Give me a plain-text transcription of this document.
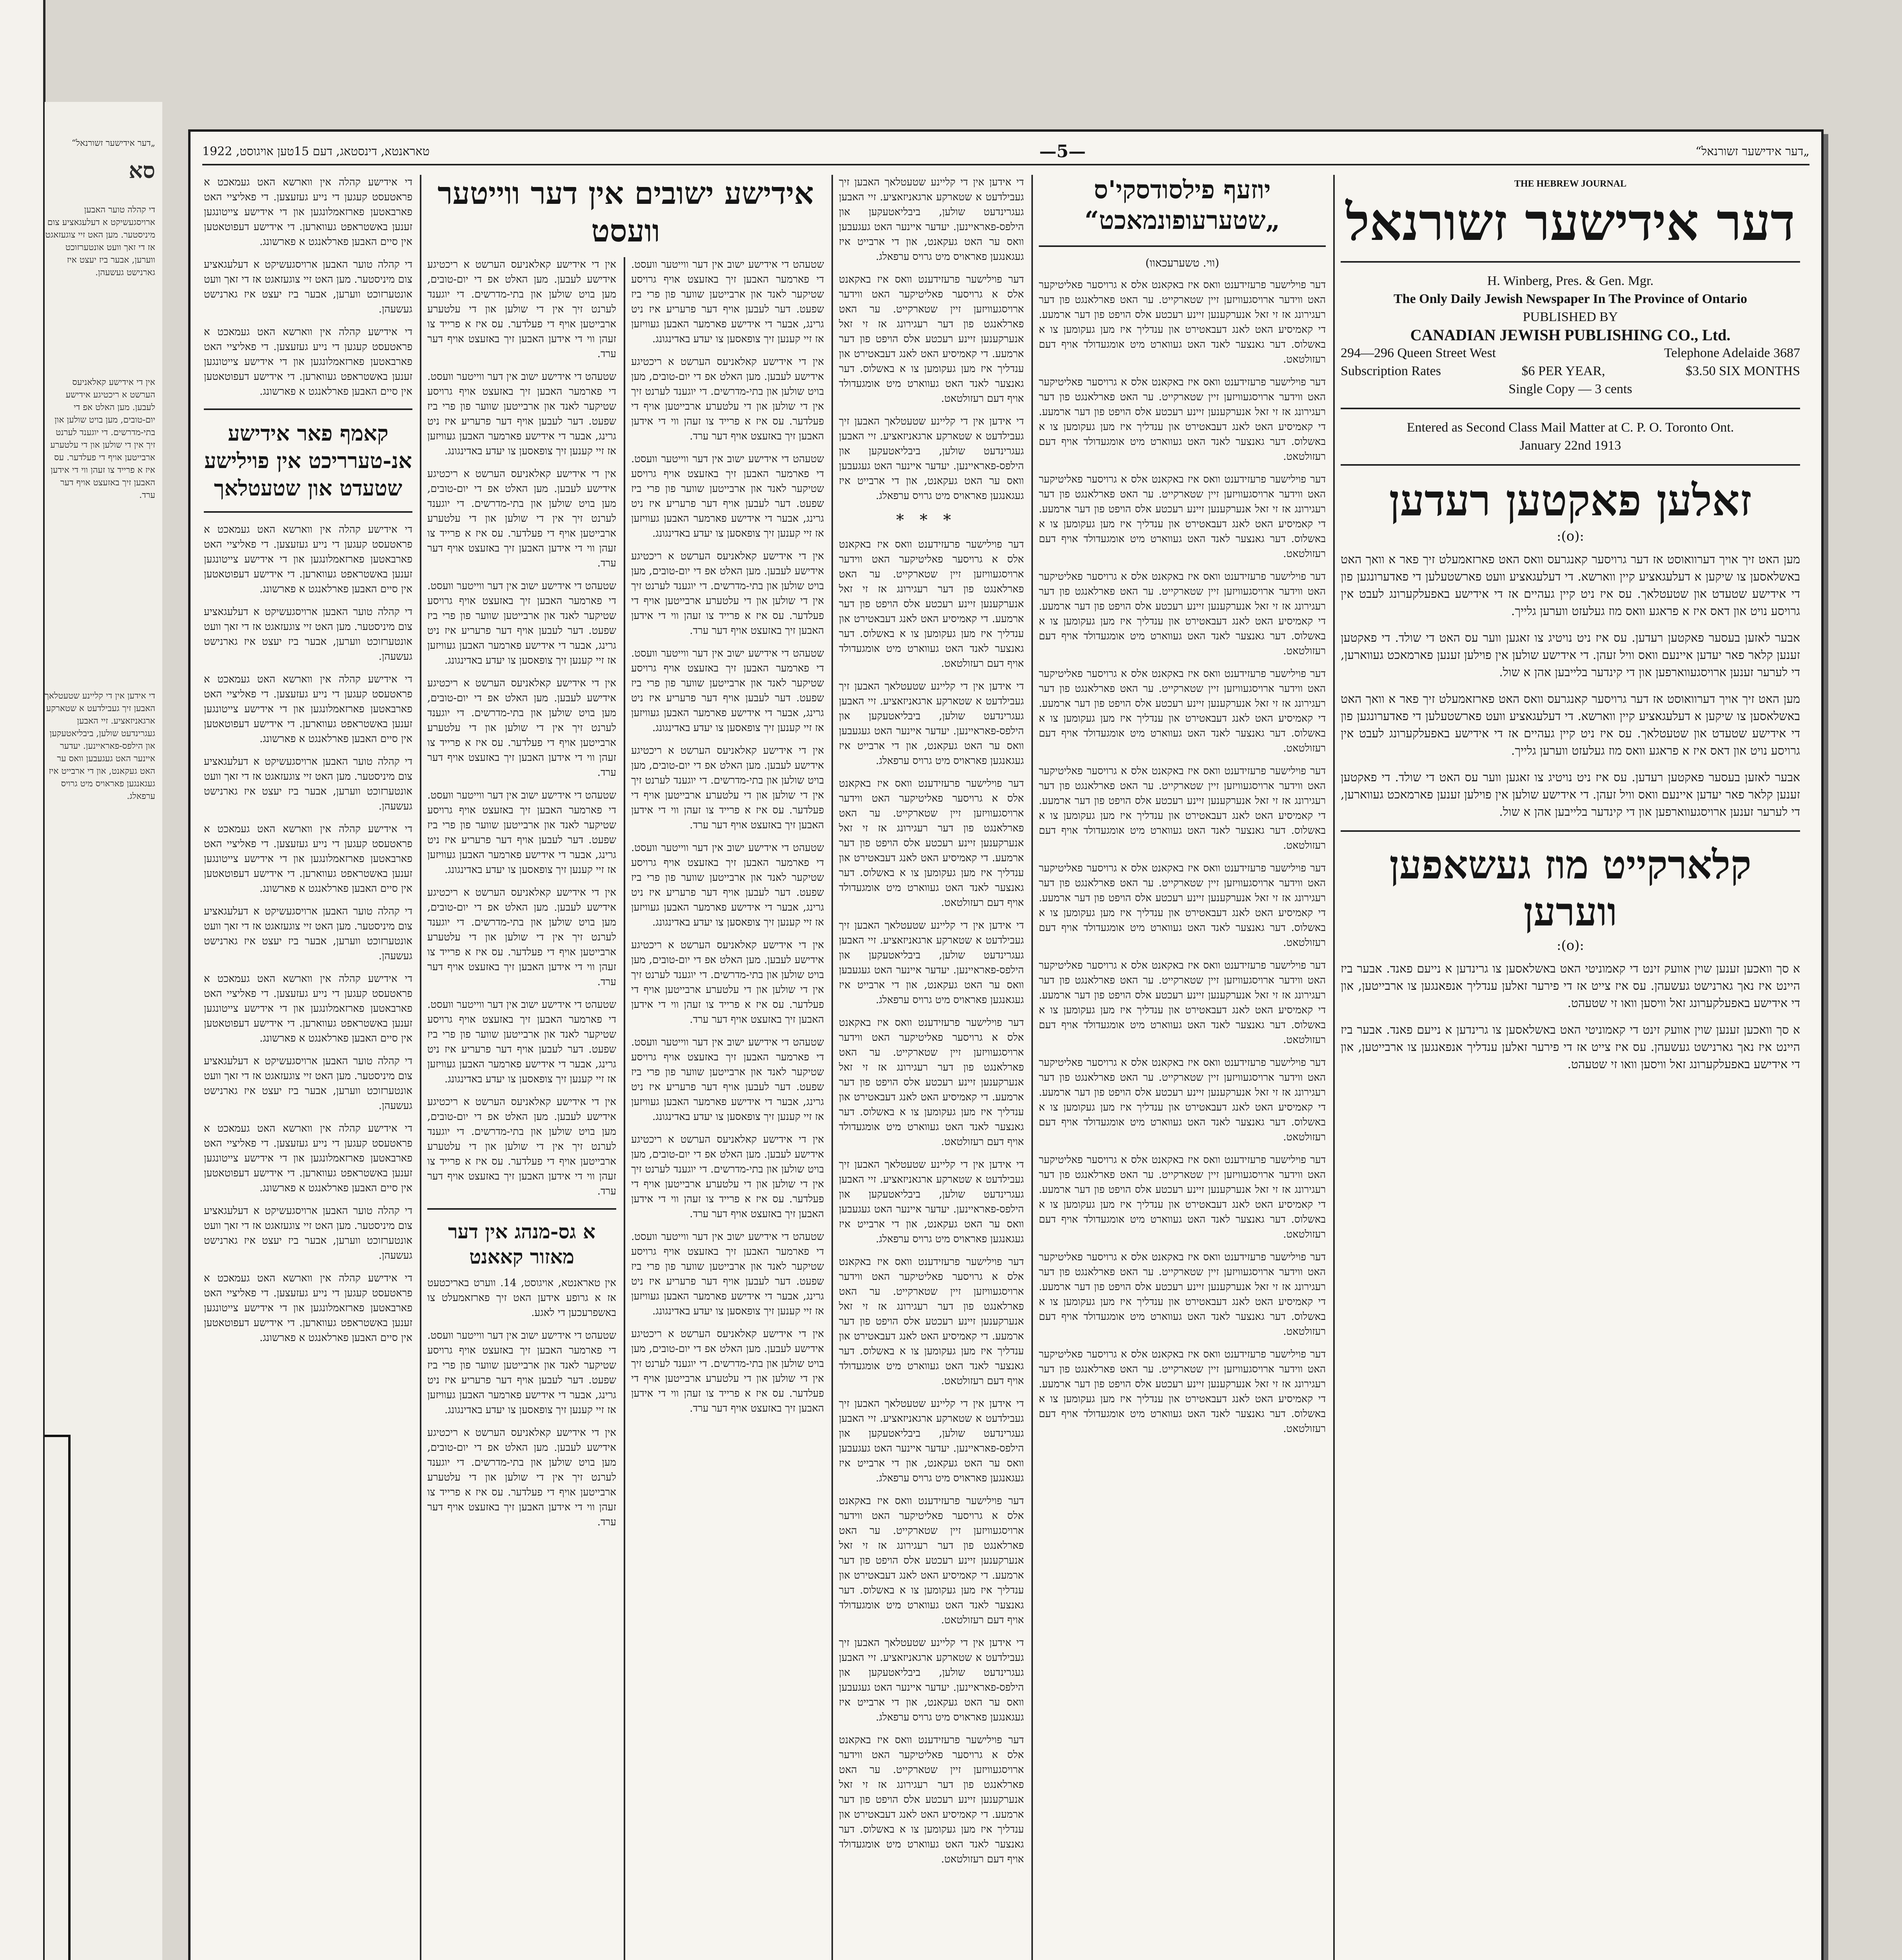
„דער אידישער זשורנאל“
סא
די קהלה טוער האבען ארויסגעשיקט א דעלעגאציע צום מיניסטער. מען האט זיי צוגעזאגט אז די זאך וועט אונטערזוכט ווערען, אבער ביז יעצט איז גארנישט געשעהן.
אין די אידישע קאלאניעס הערשט א ריכטיגע אידישע לעבען. מען האלט אפ די יום-טובים, מען בויט שולען און בתי-מדרשים. די יוגענד לערנט זיך אין די שולען און די עלטערע ארבייטען אויף די פעלדער. עס איז א פרייד צו זעהן ווי די אידען האבען זיך באזעצט אויף דער ערד.
די אידען אין די קליינע שטעטלאך האבען זיך געבילדעט א שטארקע ארגאניזאציע. זיי האבען געגרינדעט שולען, ביבליאטעקען און הילפס-פאראיינען. יעדער איינער האט געגעבען וואס ער האט געקאנט, און די ארבייט איז געגאנגען פאראויס מיט גרויס ערפאלג.
טאראנטא, דינסטאג, דעם 15טען אויגוסט, 1922	—5—	„דער אידישער זשורנאל“
THE HEBREW JOURNAL
דער אידישער זשורנאל
H. Winberg, Pres. & Gen. Mgr.
The Only Daily Jewish Newspaper In The Province of Ontario
PUBLISHED BY
CANADIAN JEWISH PUBLISHING CO., Ltd.
294—296 Queen Street West	Telephone Adelaide 3687
Subscription Rates	$6 PER YEAR,	$3.50 SIX MONTHS
Single Copy — 3 cents
Entered as Second Class Mail Matter at C. P. O. Toronto Ont.
January 22nd 1913
זאלען פאקטען רעדען
:(o):
מען האט זיך אויך דערוואוסט אז דער גרויסער קאנגרעס וואס האט פארזאמעלט זיך פאר א וואך האט באשלאסען צו שיקען א דעלעגאציע קיין ווארשא. די דעלעגאציע וועט פארשטעלען די פאדערונגען פון די אידישע שטעדט און שטעטלאך. עס איז ניט קיין געהיים אז די אידישע באפעלקערונג לעבט אין גרויסע נויט און דאס איז א פראגע וואס מוז געלעזט ווערען גלייך.
אבער לאזען בעסער פאקטען רעדען. עס איז ניט נויטיג צו זאגען ווער עס האט די שולד. די פאקטען זענען קלאר פאר יעדען איינעם וואס וויל זעהן. די אידישע שולען אין פוילען זענען פארמאכט געווארען, די לערער זענען ארויסגעווארפען און די קינדער בלייבען אהן א שול.
מען האט זיך אויך דערוואוסט אז דער גרויסער קאנגרעס וואס האט פארזאמעלט זיך פאר א וואך האט באשלאסען צו שיקען א דעלעגאציע קיין ווארשא. די דעלעגאציע וועט פארשטעלען די פאדערונגען פון די אידישע שטעדט און שטעטלאך. עס איז ניט קיין געהיים אז די אידישע באפעלקערונג לעבט אין גרויסע נויט און דאס איז א פראגע וואס מוז געלעזט ווערען גלייך.
אבער לאזען בעסער פאקטען רעדען. עס איז ניט נויטיג צו זאגען ווער עס האט די שולד. די פאקטען זענען קלאר פאר יעדען איינעם וואס וויל זעהן. די אידישע שולען אין פוילען זענען פארמאכט געווארען, די לערער זענען ארויסגעווארפען און די קינדער בלייבען אהן א שול.
קלארקייט מוז געשאפען ווערען
:(o):
א סך וואכען זענען שוין אוועק זינט די קאמוניטי האט באשלאסען צו גרינדען א נייעם פאנד. אבער ביז היינט איז נאך גארנישט געשעהן. עס איז צייט אז די פירער זאלען ענדליך אנפאנגען צו ארבייטען, און די אידישע באפעלקערונג זאל וויסען וואו זי שטעהט.
א סך וואכען זענען שוין אוועק זינט די קאמוניטי האט באשלאסען צו גרינדען א נייעם פאנד. אבער ביז היינט איז נאך גארנישט געשעהן. עס איז צייט אז די פירער זאלען ענדליך אנפאנגען צו ארבייטען, און די אידישע באפעלקערונג זאל וויסען וואו זי שטעהט.
יוזעף פילסודסקי'ס „שטערעופונמאכט“
(ווי. טשערעכאוו)
דער פוילישער פרעזידענט וואס איז באקאנט אלס א גרויסער פאליטיקער האט ווידער ארויסגעוויזען זיין שטארקייט. ער האט פארלאנגט פון דער רעגירונג אז זי זאל אנערקענען זיינע רעכטע אלס הויפט פון דער ארמעע. די קאמיסיע האט לאנג דעבאטירט און ענדליך איז מען געקומען צו א באשלוס. דער גאנצער לאנד האט געווארט מיט אומגעדולד אויף דעם רעזולטאט.
דער פוילישער פרעזידענט וואס איז באקאנט אלס א גרויסער פאליטיקער האט ווידער ארויסגעוויזען זיין שטארקייט. ער האט פארלאנגט פון דער רעגירונג אז זי זאל אנערקענען זיינע רעכטע אלס הויפט פון דער ארמעע. די קאמיסיע האט לאנג דעבאטירט און ענדליך איז מען געקומען צו א באשלוס. דער גאנצער לאנד האט געווארט מיט אומגעדולד אויף דעם רעזולטאט.
דער פוילישער פרעזידענט וואס איז באקאנט אלס א גרויסער פאליטיקער האט ווידער ארויסגעוויזען זיין שטארקייט. ער האט פארלאנגט פון דער רעגירונג אז זי זאל אנערקענען זיינע רעכטע אלס הויפט פון דער ארמעע. די קאמיסיע האט לאנג דעבאטירט און ענדליך איז מען געקומען צו א באשלוס. דער גאנצער לאנד האט געווארט מיט אומגעדולד אויף דעם רעזולטאט.
דער פוילישער פרעזידענט וואס איז באקאנט אלס א גרויסער פאליטיקער האט ווידער ארויסגעוויזען זיין שטארקייט. ער האט פארלאנגט פון דער רעגירונג אז זי זאל אנערקענען זיינע רעכטע אלס הויפט פון דער ארמעע. די קאמיסיע האט לאנג דעבאטירט און ענדליך איז מען געקומען צו א באשלוס. דער גאנצער לאנד האט געווארט מיט אומגעדולד אויף דעם רעזולטאט.
דער פוילישער פרעזידענט וואס איז באקאנט אלס א גרויסער פאליטיקער האט ווידער ארויסגעוויזען זיין שטארקייט. ער האט פארלאנגט פון דער רעגירונג אז זי זאל אנערקענען זיינע רעכטע אלס הויפט פון דער ארמעע. די קאמיסיע האט לאנג דעבאטירט און ענדליך איז מען געקומען צו א באשלוס. דער גאנצער לאנד האט געווארט מיט אומגעדולד אויף דעם רעזולטאט.
דער פוילישער פרעזידענט וואס איז באקאנט אלס א גרויסער פאליטיקער האט ווידער ארויסגעוויזען זיין שטארקייט. ער האט פארלאנגט פון דער רעגירונג אז זי זאל אנערקענען זיינע רעכטע אלס הויפט פון דער ארמעע. די קאמיסיע האט לאנג דעבאטירט און ענדליך איז מען געקומען צו א באשלוס. דער גאנצער לאנד האט געווארט מיט אומגעדולד אויף דעם רעזולטאט.
דער פוילישער פרעזידענט וואס איז באקאנט אלס א גרויסער פאליטיקער האט ווידער ארויסגעוויזען זיין שטארקייט. ער האט פארלאנגט פון דער רעגירונג אז זי זאל אנערקענען זיינע רעכטע אלס הויפט פון דער ארמעע. די קאמיסיע האט לאנג דעבאטירט און ענדליך איז מען געקומען צו א באשלוס. דער גאנצער לאנד האט געווארט מיט אומגעדולד אויף דעם רעזולטאט.
דער פוילישער פרעזידענט וואס איז באקאנט אלס א גרויסער פאליטיקער האט ווידער ארויסגעוויזען זיין שטארקייט. ער האט פארלאנגט פון דער רעגירונג אז זי זאל אנערקענען זיינע רעכטע אלס הויפט פון דער ארמעע. די קאמיסיע האט לאנג דעבאטירט און ענדליך איז מען געקומען צו א באשלוס. דער גאנצער לאנד האט געווארט מיט אומגעדולד אויף דעם רעזולטאט.
דער פוילישער פרעזידענט וואס איז באקאנט אלס א גרויסער פאליטיקער האט ווידער ארויסגעוויזען זיין שטארקייט. ער האט פארלאנגט פון דער רעגירונג אז זי זאל אנערקענען זיינע רעכטע אלס הויפט פון דער ארמעע. די קאמיסיע האט לאנג דעבאטירט און ענדליך איז מען געקומען צו א באשלוס. דער גאנצער לאנד האט געווארט מיט אומגעדולד אויף דעם רעזולטאט.
דער פוילישער פרעזידענט וואס איז באקאנט אלס א גרויסער פאליטיקער האט ווידער ארויסגעוויזען זיין שטארקייט. ער האט פארלאנגט פון דער רעגירונג אז זי זאל אנערקענען זיינע רעכטע אלס הויפט פון דער ארמעע. די קאמיסיע האט לאנג דעבאטירט און ענדליך איז מען געקומען צו א באשלוס. דער גאנצער לאנד האט געווארט מיט אומגעדולד אויף דעם רעזולטאט.
דער פוילישער פרעזידענט וואס איז באקאנט אלס א גרויסער פאליטיקער האט ווידער ארויסגעוויזען זיין שטארקייט. ער האט פארלאנגט פון דער רעגירונג אז זי זאל אנערקענען זיינע רעכטע אלס הויפט פון דער ארמעע. די קאמיסיע האט לאנג דעבאטירט און ענדליך איז מען געקומען צו א באשלוס. דער גאנצער לאנד האט געווארט מיט אומגעדולד אויף דעם רעזולטאט.
דער פוילישער פרעזידענט וואס איז באקאנט אלס א גרויסער פאליטיקער האט ווידער ארויסגעוויזען זיין שטארקייט. ער האט פארלאנגט פון דער רעגירונג אז זי זאל אנערקענען זיינע רעכטע אלס הויפט פון דער ארמעע. די קאמיסיע האט לאנג דעבאטירט און ענדליך איז מען געקומען צו א באשלוס. דער גאנצער לאנד האט געווארט מיט אומגעדולד אויף דעם רעזולטאט.
די אידען אין די קליינע שטעטלאך האבען זיך געבילדעט א שטארקע ארגאניזאציע. זיי האבען געגרינדעט שולען, ביבליאטעקען און הילפס-פאראיינען. יעדער איינער האט געגעבען וואס ער האט געקאנט, און די ארבייט איז געגאנגען פאראויס מיט גרויס ערפאלג.
דער פוילישער פרעזידענט וואס איז באקאנט אלס א גרויסער פאליטיקער האט ווידער ארויסגעוויזען זיין שטארקייט. ער האט פארלאנגט פון דער רעגירונג אז זי זאל אנערקענען זיינע רעכטע אלס הויפט פון דער ארמעע. די קאמיסיע האט לאנג דעבאטירט און ענדליך איז מען געקומען צו א באשלוס. דער גאנצער לאנד האט געווארט מיט אומגעדולד אויף דעם רעזולטאט.
די אידען אין די קליינע שטעטלאך האבען זיך געבילדעט א שטארקע ארגאניזאציע. זיי האבען געגרינדעט שולען, ביבליאטעקען און הילפס-פאראיינען. יעדער איינער האט געגעבען וואס ער האט געקאנט, און די ארבייט איז געגאנגען פאראויס מיט גרויס ערפאלג.
***
דער פוילישער פרעזידענט וואס איז באקאנט אלס א גרויסער פאליטיקער האט ווידער ארויסגעוויזען זיין שטארקייט. ער האט פארלאנגט פון דער רעגירונג אז זי זאל אנערקענען זיינע רעכטע אלס הויפט פון דער ארמעע. די קאמיסיע האט לאנג דעבאטירט און ענדליך איז מען געקומען צו א באשלוס. דער גאנצער לאנד האט געווארט מיט אומגעדולד אויף דעם רעזולטאט.
די אידען אין די קליינע שטעטלאך האבען זיך געבילדעט א שטארקע ארגאניזאציע. זיי האבען געגרינדעט שולען, ביבליאטעקען און הילפס-פאראיינען. יעדער איינער האט געגעבען וואס ער האט געקאנט, און די ארבייט איז געגאנגען פאראויס מיט גרויס ערפאלג.
דער פוילישער פרעזידענט וואס איז באקאנט אלס א גרויסער פאליטיקער האט ווידער ארויסגעוויזען זיין שטארקייט. ער האט פארלאנגט פון דער רעגירונג אז זי זאל אנערקענען זיינע רעכטע אלס הויפט פון דער ארמעע. די קאמיסיע האט לאנג דעבאטירט און ענדליך איז מען געקומען צו א באשלוס. דער גאנצער לאנד האט געווארט מיט אומגעדולד אויף דעם רעזולטאט.
די אידען אין די קליינע שטעטלאך האבען זיך געבילדעט א שטארקע ארגאניזאציע. זיי האבען געגרינדעט שולען, ביבליאטעקען און הילפס-פאראיינען. יעדער איינער האט געגעבען וואס ער האט געקאנט, און די ארבייט איז געגאנגען פאראויס מיט גרויס ערפאלג.
דער פוילישער פרעזידענט וואס איז באקאנט אלס א גרויסער פאליטיקער האט ווידער ארויסגעוויזען זיין שטארקייט. ער האט פארלאנגט פון דער רעגירונג אז זי זאל אנערקענען זיינע רעכטע אלס הויפט פון דער ארמעע. די קאמיסיע האט לאנג דעבאטירט און ענדליך איז מען געקומען צו א באשלוס. דער גאנצער לאנד האט געווארט מיט אומגעדולד אויף דעם רעזולטאט.
די אידען אין די קליינע שטעטלאך האבען זיך געבילדעט א שטארקע ארגאניזאציע. זיי האבען געגרינדעט שולען, ביבליאטעקען און הילפס-פאראיינען. יעדער איינער האט געגעבען וואס ער האט געקאנט, און די ארבייט איז געגאנגען פאראויס מיט גרויס ערפאלג.
דער פוילישער פרעזידענט וואס איז באקאנט אלס א גרויסער פאליטיקער האט ווידער ארויסגעוויזען זיין שטארקייט. ער האט פארלאנגט פון דער רעגירונג אז זי זאל אנערקענען זיינע רעכטע אלס הויפט פון דער ארמעע. די קאמיסיע האט לאנג דעבאטירט און ענדליך איז מען געקומען צו א באשלוס. דער גאנצער לאנד האט געווארט מיט אומגעדולד אויף דעם רעזולטאט.
די אידען אין די קליינע שטעטלאך האבען זיך געבילדעט א שטארקע ארגאניזאציע. זיי האבען געגרינדעט שולען, ביבליאטעקען און הילפס-פאראיינען. יעדער איינער האט געגעבען וואס ער האט געקאנט, און די ארבייט איז געגאנגען פאראויס מיט גרויס ערפאלג.
דער פוילישער פרעזידענט וואס איז באקאנט אלס א גרויסער פאליטיקער האט ווידער ארויסגעוויזען זיין שטארקייט. ער האט פארלאנגט פון דער רעגירונג אז זי זאל אנערקענען זיינע רעכטע אלס הויפט פון דער ארמעע. די קאמיסיע האט לאנג דעבאטירט און ענדליך איז מען געקומען צו א באשלוס. דער גאנצער לאנד האט געווארט מיט אומגעדולד אויף דעם רעזולטאט.
די אידען אין די קליינע שטעטלאך האבען זיך געבילדעט א שטארקע ארגאניזאציע. זיי האבען געגרינדעט שולען, ביבליאטעקען און הילפס-פאראיינען. יעדער איינער האט געגעבען וואס ער האט געקאנט, און די ארבייט איז געגאנגען פאראויס מיט גרויס ערפאלג.
דער פוילישער פרעזידענט וואס איז באקאנט אלס א גרויסער פאליטיקער האט ווידער ארויסגעוויזען זיין שטארקייט. ער האט פארלאנגט פון דער רעגירונג אז זי זאל אנערקענען זיינע רעכטע אלס הויפט פון דער ארמעע. די קאמיסיע האט לאנג דעבאטירט און ענדליך איז מען געקומען צו א באשלוס. דער גאנצער לאנד האט געווארט מיט אומגעדולד אויף דעם רעזולטאט.
אידישע ישובים אין דער ווייטער וועסט
שטעהט די אידישע ישוב אין דער ווייטער וועסט. די פארמער האבען זיך באזעצט אויף גרויסע שטיקער לאנד און ארבייטען שווער פון פרי ביז שפעט. דער לעבען אויף דער פרעריע איז ניט גרינג, אבער די אידישע פארמער האבען געוויזען אז זיי קענען זיך צופאסען צו יעדע באדינגונג.
אין די אידישע קאלאניעס הערשט א ריכטיגע אידישע לעבען. מען האלט אפ די יום-טובים, מען בויט שולען און בתי-מדרשים. די יוגענד לערנט זיך אין די שולען און די עלטערע ארבייטען אויף די פעלדער. עס איז א פרייד צו זעהן ווי די אידען האבען זיך באזעצט אויף דער ערד.
שטעהט די אידישע ישוב אין דער ווייטער וועסט. די פארמער האבען זיך באזעצט אויף גרויסע שטיקער לאנד און ארבייטען שווער פון פרי ביז שפעט. דער לעבען אויף דער פרעריע איז ניט גרינג, אבער די אידישע פארמער האבען געוויזען אז זיי קענען זיך צופאסען צו יעדע באדינגונג.
אין די אידישע קאלאניעס הערשט א ריכטיגע אידישע לעבען. מען האלט אפ די יום-טובים, מען בויט שולען און בתי-מדרשים. די יוגענד לערנט זיך אין די שולען און די עלטערע ארבייטען אויף די פעלדער. עס איז א פרייד צו זעהן ווי די אידען האבען זיך באזעצט אויף דער ערד.
שטעהט די אידישע ישוב אין דער ווייטער וועסט. די פארמער האבען זיך באזעצט אויף גרויסע שטיקער לאנד און ארבייטען שווער פון פרי ביז שפעט. דער לעבען אויף דער פרעריע איז ניט גרינג, אבער די אידישע פארמער האבען געוויזען אז זיי קענען זיך צופאסען צו יעדע באדינגונג.
אין די אידישע קאלאניעס הערשט א ריכטיגע אידישע לעבען. מען האלט אפ די יום-טובים, מען בויט שולען און בתי-מדרשים. די יוגענד לערנט זיך אין די שולען און די עלטערע ארבייטען אויף די פעלדער. עס איז א פרייד צו זעהן ווי די אידען האבען זיך באזעצט אויף דער ערד.
שטעהט די אידישע ישוב אין דער ווייטער וועסט. די פארמער האבען זיך באזעצט אויף גרויסע שטיקער לאנד און ארבייטען שווער פון פרי ביז שפעט. דער לעבען אויף דער פרעריע איז ניט גרינג, אבער די אידישע פארמער האבען געוויזען אז זיי קענען זיך צופאסען צו יעדע באדינגונג.
אין די אידישע קאלאניעס הערשט א ריכטיגע אידישע לעבען. מען האלט אפ די יום-טובים, מען בויט שולען און בתי-מדרשים. די יוגענד לערנט זיך אין די שולען און די עלטערע ארבייטען אויף די פעלדער. עס איז א פרייד צו זעהן ווי די אידען האבען זיך באזעצט אויף דער ערד.
שטעהט די אידישע ישוב אין דער ווייטער וועסט. די פארמער האבען זיך באזעצט אויף גרויסע שטיקער לאנד און ארבייטען שווער פון פרי ביז שפעט. דער לעבען אויף דער פרעריע איז ניט גרינג, אבער די אידישע פארמער האבען געוויזען אז זיי קענען זיך צופאסען צו יעדע באדינגונג.
אין די אידישע קאלאניעס הערשט א ריכטיגע אידישע לעבען. מען האלט אפ די יום-טובים, מען בויט שולען און בתי-מדרשים. די יוגענד לערנט זיך אין די שולען און די עלטערע ארבייטען אויף די פעלדער. עס איז א פרייד צו זעהן ווי די אידען האבען זיך באזעצט אויף דער ערד.
שטעהט די אידישע ישוב אין דער ווייטער וועסט. די פארמער האבען זיך באזעצט אויף גרויסע שטיקער לאנד און ארבייטען שווער פון פרי ביז שפעט. דער לעבען אויף דער פרעריע איז ניט גרינג, אבער די אידישע פארמער האבען געוויזען אז זיי קענען זיך צופאסען צו יעדע באדינגונג.
אין די אידישע קאלאניעס הערשט א ריכטיגע אידישע לעבען. מען האלט אפ די יום-טובים, מען בויט שולען און בתי-מדרשים. די יוגענד לערנט זיך אין די שולען און די עלטערע ארבייטען אויף די פעלדער. עס איז א פרייד צו זעהן ווי די אידען האבען זיך באזעצט אויף דער ערד.
אין די אידישע קאלאניעס הערשט א ריכטיגע אידישע לעבען. מען האלט אפ די יום-טובים, מען בויט שולען און בתי-מדרשים. די יוגענד לערנט זיך אין די שולען און די עלטערע ארבייטען אויף די פעלדער. עס איז א פרייד צו זעהן ווי די אידען האבען זיך באזעצט אויף דער ערד.
שטעהט די אידישע ישוב אין דער ווייטער וועסט. די פארמער האבען זיך באזעצט אויף גרויסע שטיקער לאנד און ארבייטען שווער פון פרי ביז שפעט. דער לעבען אויף דער פרעריע איז ניט גרינג, אבער די אידישע פארמער האבען געוויזען אז זיי קענען זיך צופאסען צו יעדע באדינגונג.
אין די אידישע קאלאניעס הערשט א ריכטיגע אידישע לעבען. מען האלט אפ די יום-טובים, מען בויט שולען און בתי-מדרשים. די יוגענד לערנט זיך אין די שולען און די עלטערע ארבייטען אויף די פעלדער. עס איז א פרייד צו זעהן ווי די אידען האבען זיך באזעצט אויף דער ערד.
שטעהט די אידישע ישוב אין דער ווייטער וועסט. די פארמער האבען זיך באזעצט אויף גרויסע שטיקער לאנד און ארבייטען שווער פון פרי ביז שפעט. דער לעבען אויף דער פרעריע איז ניט גרינג, אבער די אידישע פארמער האבען געוויזען אז זיי קענען זיך צופאסען צו יעדע באדינגונג.
אין די אידישע קאלאניעס הערשט א ריכטיגע אידישע לעבען. מען האלט אפ די יום-טובים, מען בויט שולען און בתי-מדרשים. די יוגענד לערנט זיך אין די שולען און די עלטערע ארבייטען אויף די פעלדער. עס איז א פרייד צו זעהן ווי די אידען האבען זיך באזעצט אויף דער ערד.
שטעהט די אידישע ישוב אין דער ווייטער וועסט. די פארמער האבען זיך באזעצט אויף גרויסע שטיקער לאנד און ארבייטען שווער פון פרי ביז שפעט. דער לעבען אויף דער פרעריע איז ניט גרינג, אבער די אידישע פארמער האבען געוויזען אז זיי קענען זיך צופאסען צו יעדע באדינגונג.
אין די אידישע קאלאניעס הערשט א ריכטיגע אידישע לעבען. מען האלט אפ די יום-טובים, מען בויט שולען און בתי-מדרשים. די יוגענד לערנט זיך אין די שולען און די עלטערע ארבייטען אויף די פעלדער. עס איז א פרייד צו זעהן ווי די אידען האבען זיך באזעצט אויף דער ערד.
שטעהט די אידישע ישוב אין דער ווייטער וועסט. די פארמער האבען זיך באזעצט אויף גרויסע שטיקער לאנד און ארבייטען שווער פון פרי ביז שפעט. דער לעבען אויף דער פרעריע איז ניט גרינג, אבער די אידישע פארמער האבען געוויזען אז זיי קענען זיך צופאסען צו יעדע באדינגונג.
אין די אידישע קאלאניעס הערשט א ריכטיגע אידישע לעבען. מען האלט אפ די יום-טובים, מען בויט שולען און בתי-מדרשים. די יוגענד לערנט זיך אין די שולען און די עלטערע ארבייטען אויף די פעלדער. עס איז א פרייד צו זעהן ווי די אידען האבען זיך באזעצט אויף דער ערד.
א גס-מנהג אין דער מאזור קאאנט
אין טאראנטא, אויגוסט, 14. ווערט באריכטעט אז א גרופע אידען האט זיך פארזאמעלט צו באשפרעכען די לאגע.
שטעהט די אידישע ישוב אין דער ווייטער וועסט. די פארמער האבען זיך באזעצט אויף גרויסע שטיקער לאנד און ארבייטען שווער פון פרי ביז שפעט. דער לעבען אויף דער פרעריע איז ניט גרינג, אבער די אידישע פארמער האבען געוויזען אז זיי קענען זיך צופאסען צו יעדע באדינגונג.
אין די אידישע קאלאניעס הערשט א ריכטיגע אידישע לעבען. מען האלט אפ די יום-טובים, מען בויט שולען און בתי-מדרשים. די יוגענד לערנט זיך אין די שולען און די עלטערע ארבייטען אויף די פעלדער. עס איז א פרייד צו זעהן ווי די אידען האבען זיך באזעצט אויף דער ערד.
די אידישע קהלה אין ווארשא האט געמאכט א פראטעסט קעגען די נייע געזעצען. די פאליציי האט פארבאטען פארזאמלונגען און די אידישע צייטונגען זענען באשטראפט געווארען. די אידישע דעפוטאטען אין סיים האבען פארלאנגט א פארשונג.
די קהלה טוער האבען ארויסגעשיקט א דעלעגאציע צום מיניסטער. מען האט זיי צוגעזאגט אז די זאך וועט אונטערזוכט ווערען, אבער ביז יעצט איז גארנישט געשעהן.
די אידישע קהלה אין ווארשא האט געמאכט א פראטעסט קעגען די נייע געזעצען. די פאליציי האט פארבאטען פארזאמלונגען און די אידישע צייטונגען זענען באשטראפט געווארען. די אידישע דעפוטאטען אין סיים האבען פארלאנגט א פארשונג.
קאמף פאר אידישע אנ-טערריכט אין פוילישע שטעדט און שטעטלאך
די אידישע קהלה אין ווארשא האט געמאכט א פראטעסט קעגען די נייע געזעצען. די פאליציי האט פארבאטען פארזאמלונגען און די אידישע צייטונגען זענען באשטראפט געווארען. די אידישע דעפוטאטען אין סיים האבען פארלאנגט א פארשונג.
די קהלה טוער האבען ארויסגעשיקט א דעלעגאציע צום מיניסטער. מען האט זיי צוגעזאגט אז די זאך וועט אונטערזוכט ווערען, אבער ביז יעצט איז גארנישט געשעהן.
די אידישע קהלה אין ווארשא האט געמאכט א פראטעסט קעגען די נייע געזעצען. די פאליציי האט פארבאטען פארזאמלונגען און די אידישע צייטונגען זענען באשטראפט געווארען. די אידישע דעפוטאטען אין סיים האבען פארלאנגט א פארשונג.
די קהלה טוער האבען ארויסגעשיקט א דעלעגאציע צום מיניסטער. מען האט זיי צוגעזאגט אז די זאך וועט אונטערזוכט ווערען, אבער ביז יעצט איז גארנישט געשעהן.
די אידישע קהלה אין ווארשא האט געמאכט א פראטעסט קעגען די נייע געזעצען. די פאליציי האט פארבאטען פארזאמלונגען און די אידישע צייטונגען זענען באשטראפט געווארען. די אידישע דעפוטאטען אין סיים האבען פארלאנגט א פארשונג.
די קהלה טוער האבען ארויסגעשיקט א דעלעגאציע צום מיניסטער. מען האט זיי צוגעזאגט אז די זאך וועט אונטערזוכט ווערען, אבער ביז יעצט איז גארנישט געשעהן.
די אידישע קהלה אין ווארשא האט געמאכט א פראטעסט קעגען די נייע געזעצען. די פאליציי האט פארבאטען פארזאמלונגען און די אידישע צייטונגען זענען באשטראפט געווארען. די אידישע דעפוטאטען אין סיים האבען פארלאנגט א פארשונג.
די קהלה טוער האבען ארויסגעשיקט א דעלעגאציע צום מיניסטער. מען האט זיי צוגעזאגט אז די זאך וועט אונטערזוכט ווערען, אבער ביז יעצט איז גארנישט געשעהן.
די אידישע קהלה אין ווארשא האט געמאכט א פראטעסט קעגען די נייע געזעצען. די פאליציי האט פארבאטען פארזאמלונגען און די אידישע צייטונגען זענען באשטראפט געווארען. די אידישע דעפוטאטען אין סיים האבען פארלאנגט א פארשונג.
די קהלה טוער האבען ארויסגעשיקט א דעלעגאציע צום מיניסטער. מען האט זיי צוגעזאגט אז די זאך וועט אונטערזוכט ווערען, אבער ביז יעצט איז גארנישט געשעהן.
די אידישע קהלה אין ווארשא האט געמאכט א פראטעסט קעגען די נייע געזעצען. די פאליציי האט פארבאטען פארזאמלונגען און די אידישע צייטונגען זענען באשטראפט געווארען. די אידישע דעפוטאטען אין סיים האבען פארלאנגט א פארשונג.
